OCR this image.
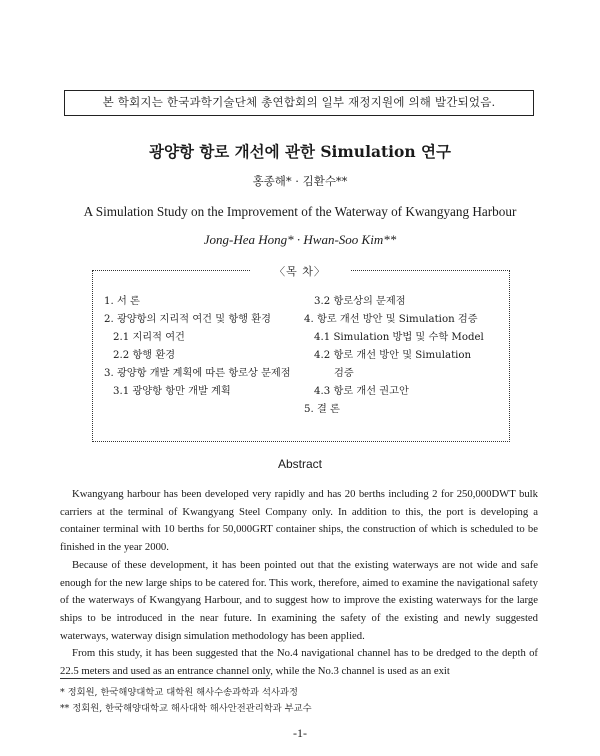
본 학회지는 한국과학기술단체 총연합회의 일부 재정지원에 의해 발간되었음.
광양항 항로 개선에 관한 Simulation 연구
홍종해* · 김환수**
A Simulation Study on the Improvement of the Waterway of Kwangyang Harbour
Jong-Hea Hong* · Hwan-Soo Kim**
〈목 차〉
1. 서 론
2. 광양항의 지리적 여건 및 항행 환경
2.1 지리적 여건
2.2 항행 환경
3. 광양항 개발 계획에 따른 항로상 문제점
3.1 광양항 항만 개발 계획
3.2 항로상의 문제점
4. 항로 개선 방안 및 Simulation 검증
4.1 Simulation 방법 및 수학 Model
4.2 항로 개선 방안 및 Simulation
검증
4.3 항로 개선 권고안
5. 결 론
Abstract

Kwangyang harbour has been developed very rapidly and has 20 berths including 2 for 250,000DWT bulk carriers at the terminal of Kwangyang Steel Company only. In addition to this, the port is developing a container terminal with 10 berths for 50,000GRT container ships, the construction of which is scheduled to be finished in the year 2000.

Because of these development, it has been pointed out that the existing waterways are not wide and safe enough for the new large ships to be catered for. This work, therefore, aimed to examine the navigational safety of the waterways of Kwangyang Harbour, and to suggest how to improve the existing waterways for the large ships to be introduced in the near future. In examining the safety of the existing and newly suggested waterways, waterway disign simulation methodology has been applied.

From this study, it has been suggested that the No.4 navigational channel has to be dredged to the depth of 22.5 meters and used as an entrance channel only, while the No.3 channel is used as an exit

* 정회원, 한국해양대학교 대학원 해사수송과학과 석사과정
** 정회원, 한국해양대학교 해사대학 해사안전관리학과 부교수
-1-
